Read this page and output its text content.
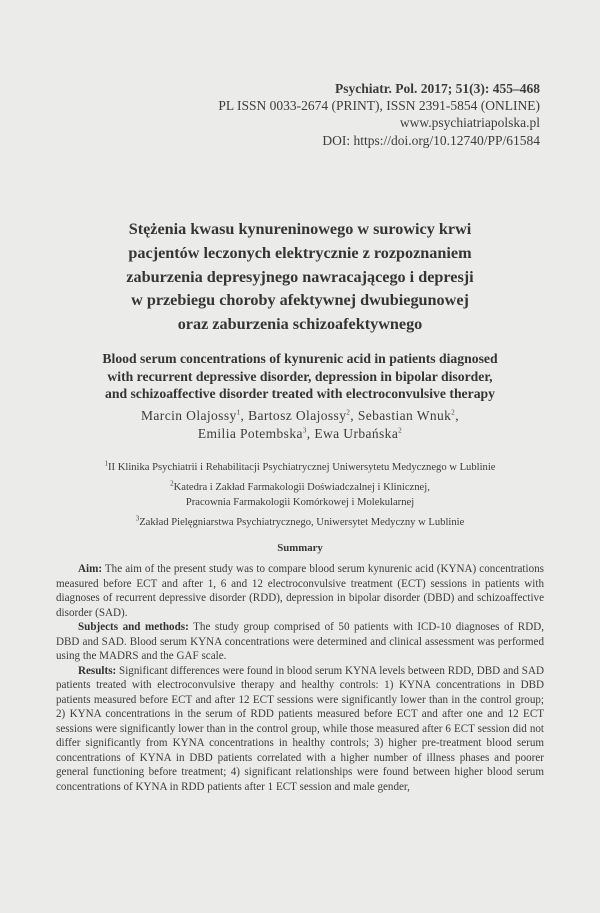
Psychiatr. Pol. 2017; 51(3): 455–468
PL ISSN 0033-2674 (PRINT), ISSN 2391-5854 (ONLINE)
www.psychiatriapolska.pl
DOI: https://doi.org/10.12740/PP/61584
Stężenia kwasu kynureninowego w surowicy krwi
pacjentów leczonych elektrycznie z rozpoznaniem
zaburzenia depresyjnego nawracającego i depresji
w przebiegu choroby afektywnej dwubiegunowej
oraz zaburzenia schizoafektywnego
Blood serum concentrations of kynurenic acid in patients diagnosed
with recurrent depressive disorder, depression in bipolar disorder,
and schizoaffective disorder treated with electroconvulsive therapy
Marcin Olajossy$^1$, Bartosz Olajossy$^2$, Sebastian Wnuk$^2$,
Emilia Potembska$^3$, Ewa Urbańska$^2$

$^1$II Klinika Psychiatrii i Rehabilitacji Psychiatrycznej Uniwersytetu Medycznego w Lublinie

$^2$Katedra i Zakład Farmakologii Doświadczalnej i Klinicznej,
Pracownia Farmakologii Komórkowej i Molekularnej

$^3$Zakład Pielęgniarstwa Psychiatrycznego, Uniwersytet Medyczny w Lublinie

Summary

Aim: The aim of the present study was to compare blood serum kynurenic acid (KYNA) concentrations measured before ECT and after 1, 6 and 12 electroconvulsive treatment (ECT) sessions in patients with diagnoses of recurrent depressive disorder (RDD), depression in bipolar disorder (DBD) and schizoaffective disorder (SAD).

Subjects and methods: The study group comprised of 50 patients with ICD-10 diagnoses of RDD, DBD and SAD. Blood serum KYNA concentrations were determined and clinical assessment was performed using the MADRS and the GAF scale.

Results: Significant differences were found in blood serum KYNA levels between RDD, DBD and SAD patients treated with electroconvulsive therapy and healthy controls: 1) KYNA concentrations in DBD patients measured before ECT and after 12 ECT sessions were significantly lower than in the control group; 2) KYNA concentrations in the serum of RDD patients measured before ECT and after one and 12 ECT sessions were significantly lower than in the control group, while those measured after 6 ECT session did not differ significantly from KYNA concentrations in healthy controls; 3) higher pre-treatment blood serum concentrations of KYNA in DBD patients correlated with a higher number of illness phases and poorer general functioning before treatment; 4) significant relationships were found between higher blood serum concentrations of KYNA in RDD patients after 1 ECT session and male gender,
